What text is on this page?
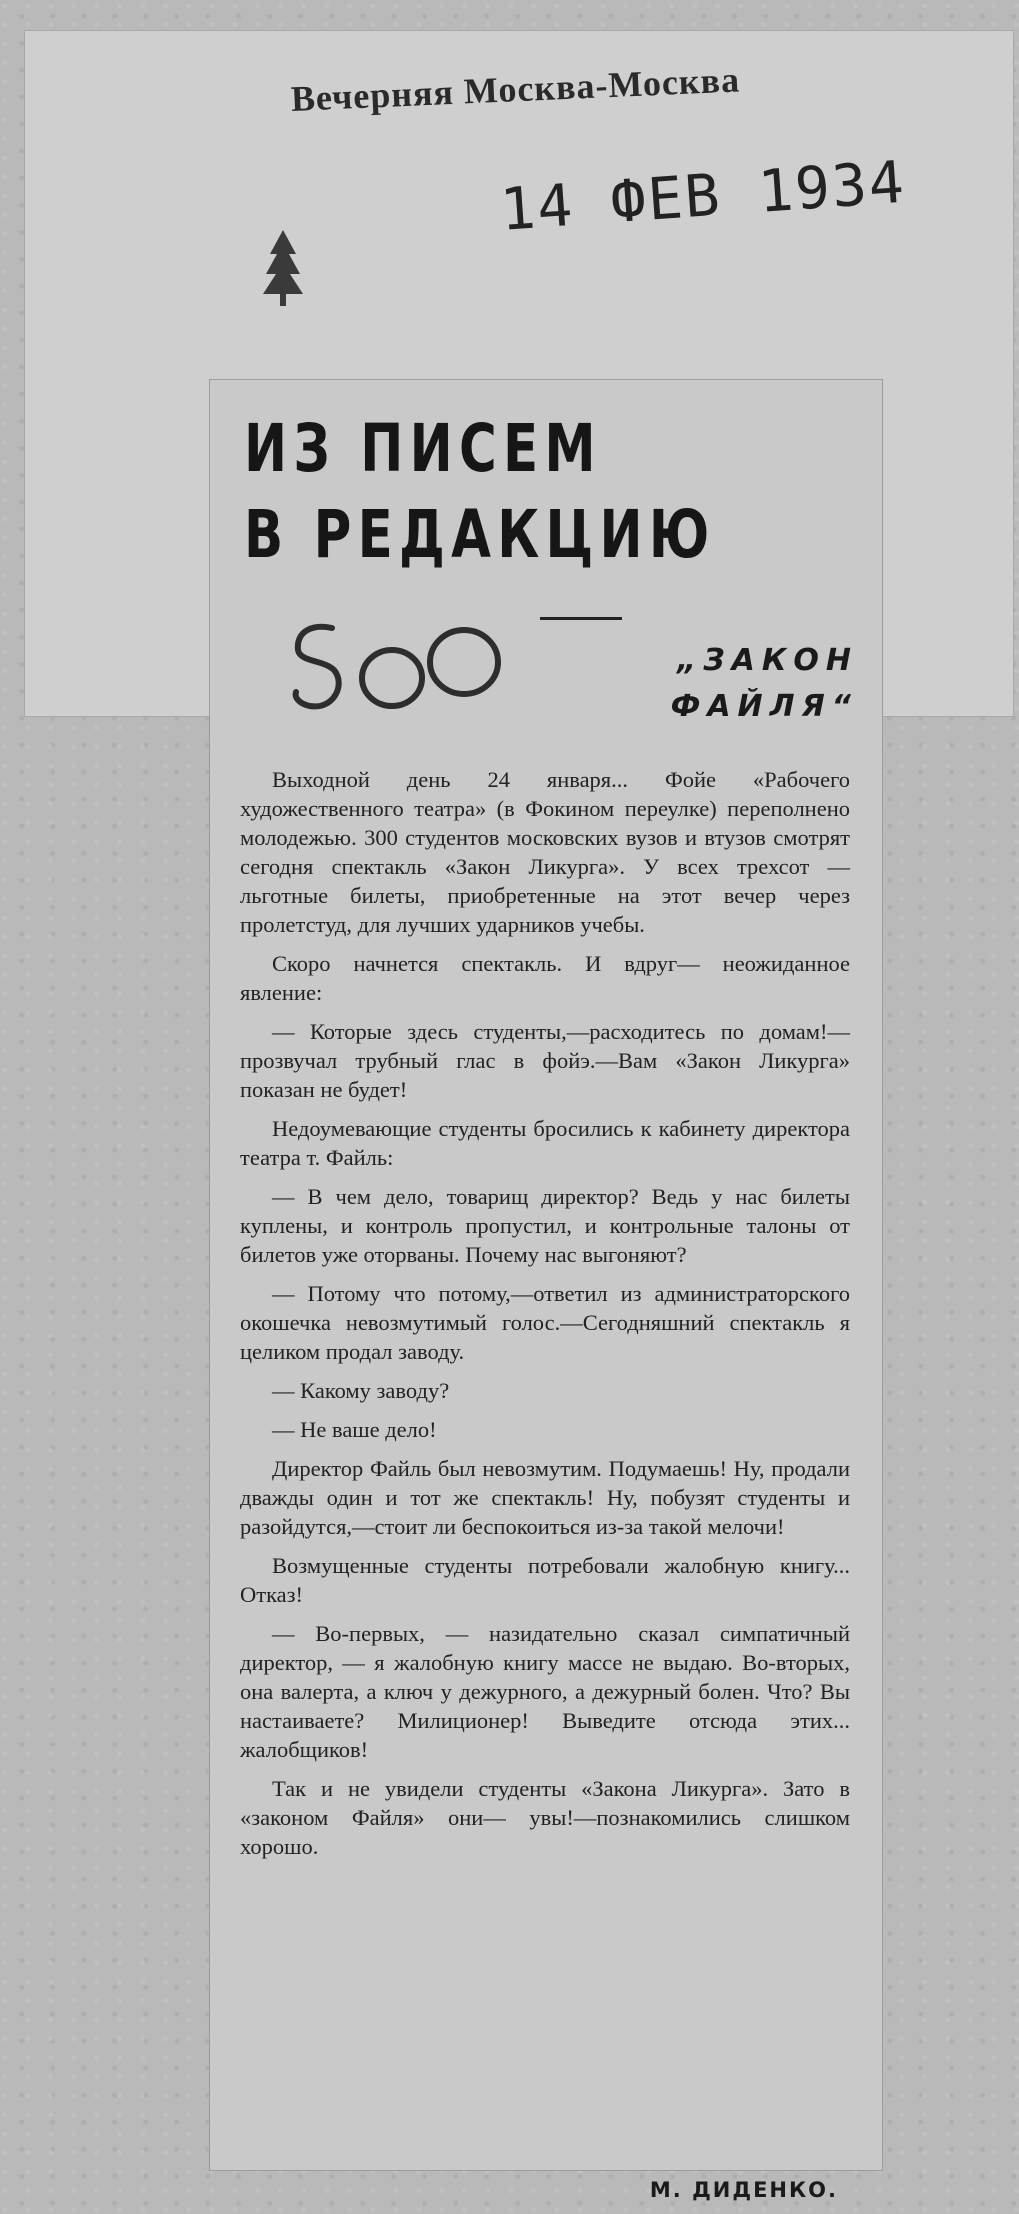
Вечерняя Москва-Москва
14 ФЕВ 1934
ИЗ ПИСЕМ
В РЕДАКЦИЮ
„ЗАКОН
ФАЙЛЯ“

Выходной день 24 января... Фойе «Рабочего художественного театра» (в Фокином переулке) переполнено молодежью. 300 студентов московских вузов и втузов смотрят сегодня спектакль «Закон Ликурга». У всех трехсот — льготные билеты, приобретенные на этот вечер через пролетстуд, для лучших ударников учебы.

Скоро начнется спектакль. И вдруг— неожиданное явление:

— Которые здесь студенты,—расходитесь по домам!—прозвучал трубный глас в фойэ.—Вам «Закон Ликурга» показан не будет!

Недоумевающие студенты бросились к кабинету директора театра т. Файль:

— В чем дело, товарищ директор? Ведь у нас билеты куплены, и контроль пропустил, и контрольные талоны от билетов уже оторваны. Почему нас выгоняют?

— Потому что потому,—ответил из администраторского окошечка невозмутимый голос.—Сегодняшний спектакль я целиком продал заводу.

— Какому заводу?

— Не ваше дело!

Директор Файль был невозмутим. Подумаешь! Ну, продали дважды один и тот же спектакль! Ну, побузят студенты и разойдутся,—стоит ли беспокоиться из-за такой мелочи!

Возмущенные студенты потребовали жалобную книгу... Отказ!

— Во-первых, — назидательно сказал симпатичный директор, — я жалобную книгу массе не выдаю. Во-вторых, она валерта, а ключ у дежурного, а дежурный болен. Что? Вы настаиваете? Милиционер! Выведите отсюда этих... жалобщиков!

Так и не увидели студенты «Закона Ликурга». Зато в «законом Файля» они— увы!—познакомились слишком хорошо.

М. ДИДЕНКО.
